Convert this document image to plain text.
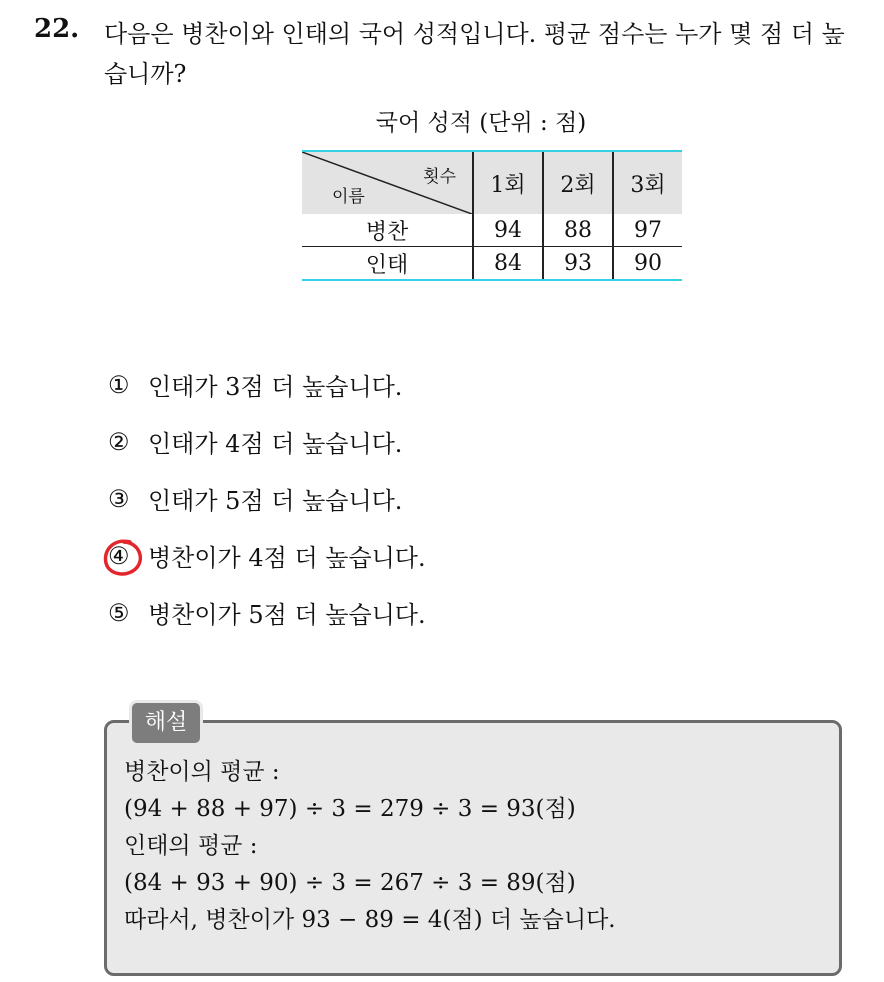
22. 다음은 병찬이와 인태의 국어 성적입니다. 평균 점수는 누가 몇 점 더 높습니까?
국어 성적 (단위 : 점)

	횟수
이름	1회	2회	3회
	병찬	94	88	97
	인태	84	93	90
① 인태가 3점 더 높습니다.
② 인태가 4점 더 높습니다.
③ 인태가 5점 더 높습니다.
④ 병찬이가 4점 더 높습니다.
⑤ 병찬이가 5점 더 높습니다.
해설
병찬이의 평균 :
(94 + 88 + 97) ÷ 3 = 279 ÷ 3 = 93(점)
인태의 평균 :
(84 + 93 + 90) ÷ 3 = 267 ÷ 3 = 89(점)
따라서, 병찬이가 93 − 89 = 4(점) 더 높습니다.
